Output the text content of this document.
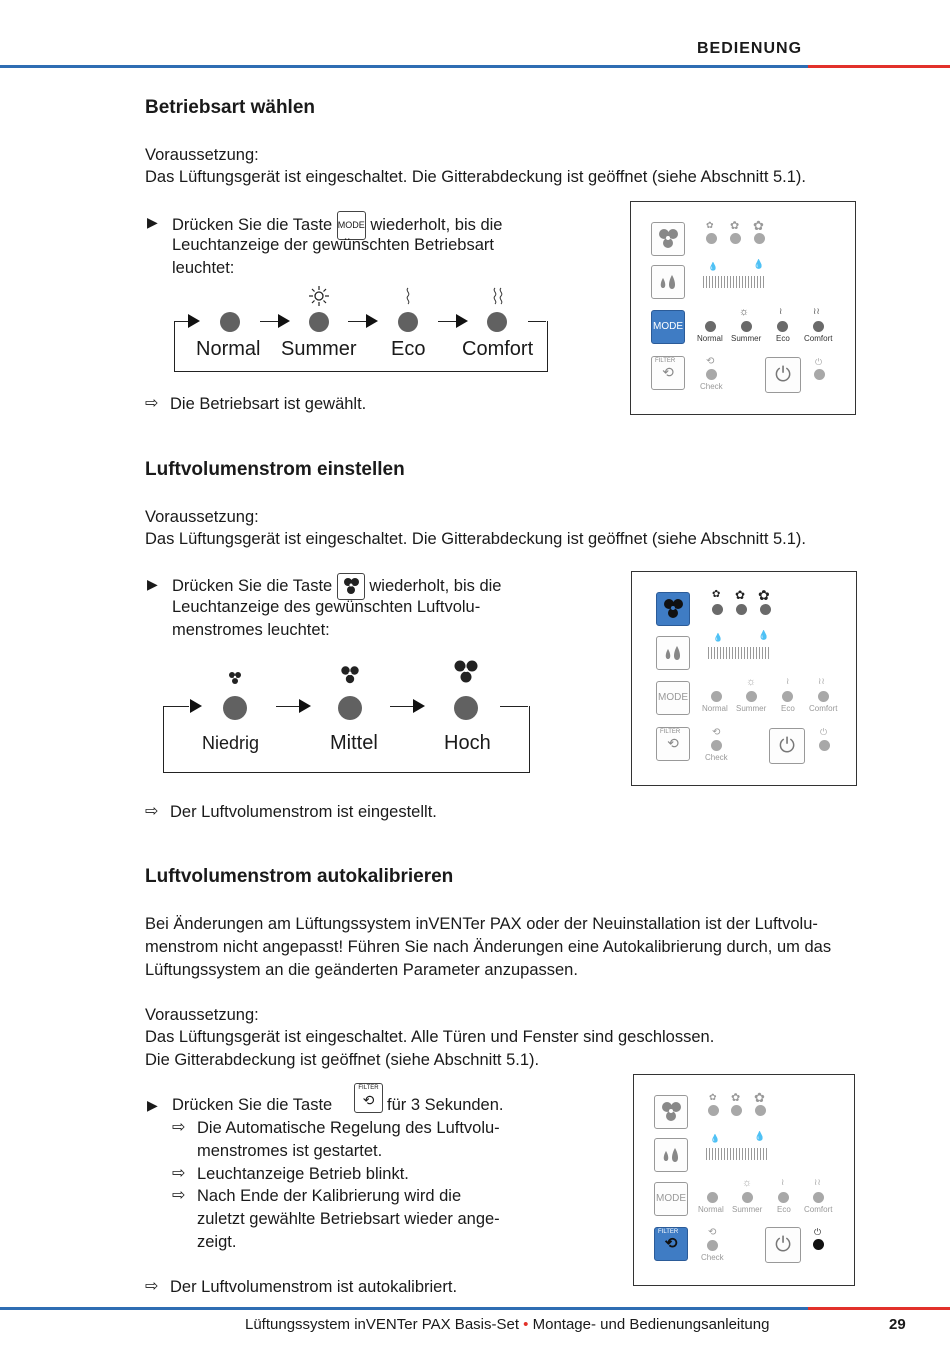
BEDIENUNG
Betriebsart wählen
Voraussetzung:
Das Lüftungsgerät ist eingeschaltet. Die Gitterabdeckung ist geöffnet (siehe Abschnitt 5.1).
▶ Drücken Sie die Taste MODE wiederholt, bis die
Leuchtanzeige der gewünschten Betriebsart
leuchtet:
Normal Summer Eco Comfort
⇨ Die Betriebsart ist gewählt.
MODE
FILTER
⟲
✿ ✿ ✿
💧	💧
☼	≀	≀≀
Normal Summer Eco Comfort
⟲
Check
⏻
⏻
Luftvolumenstrom einstellen
Voraussetzung:
Das Lüftungsgerät ist eingeschaltet. Die Gitterabdeckung ist geöffnet (siehe Abschnitt 5.1).
▶ Drücken Sie die Taste wiederholt, bis die
Leuchtanzeige des gewünschten Luftvolu-
menstromes leuchtet:
Niedrig	Mittel	Hoch
⇨ Der Luftvolumenstrom ist eingestellt.
MODE
FILTER
⟲
✿ ✿ ✿
💧	💧
☼	≀	≀≀
Normal Summer Eco Comfort
⟲
Check
⏻
⏻
Luftvolumenstrom autokalibrieren
Bei Änderungen am Lüftungssystem inVENTer PAX oder der Neuinstallation ist der Luftvolu-
menstrom nicht angepasst! Führen Sie nach Änderungen eine Autokalibrierung durch, um das
Lüftungssystem an die geänderten Parameter anzupassen.
Voraussetzung:
Das Lüftungsgerät ist eingeschaltet. Alle Türen und Fenster sind geschlossen.
Die Gitterabdeckung ist geöffnet (siehe Abschnitt 5.1).
▶ Drücken Sie die Taste
FILTER
⟲ für 3 Sekunden.
⇨ Die Automatische Regelung des Luftvolu-
menstromes ist gestartet.
⇨ Leuchtanzeige Betrieb blinkt.
⇨ Nach Ende der Kalibrierung wird die
zuletzt gewählte Betriebsart wieder ange-
zeigt.
⇨ Der Luftvolumenstrom ist autokalibriert.
MODE
FILTER
⟲
✿ ✿ ✿
💧	💧
☼	≀	≀≀
Normal Summer Eco Comfort
⟲
Check
⏻
⏻
Lüftungssystem inVENTer PAX Basis-Set • Montage- und Bedienungsanleitung	29
